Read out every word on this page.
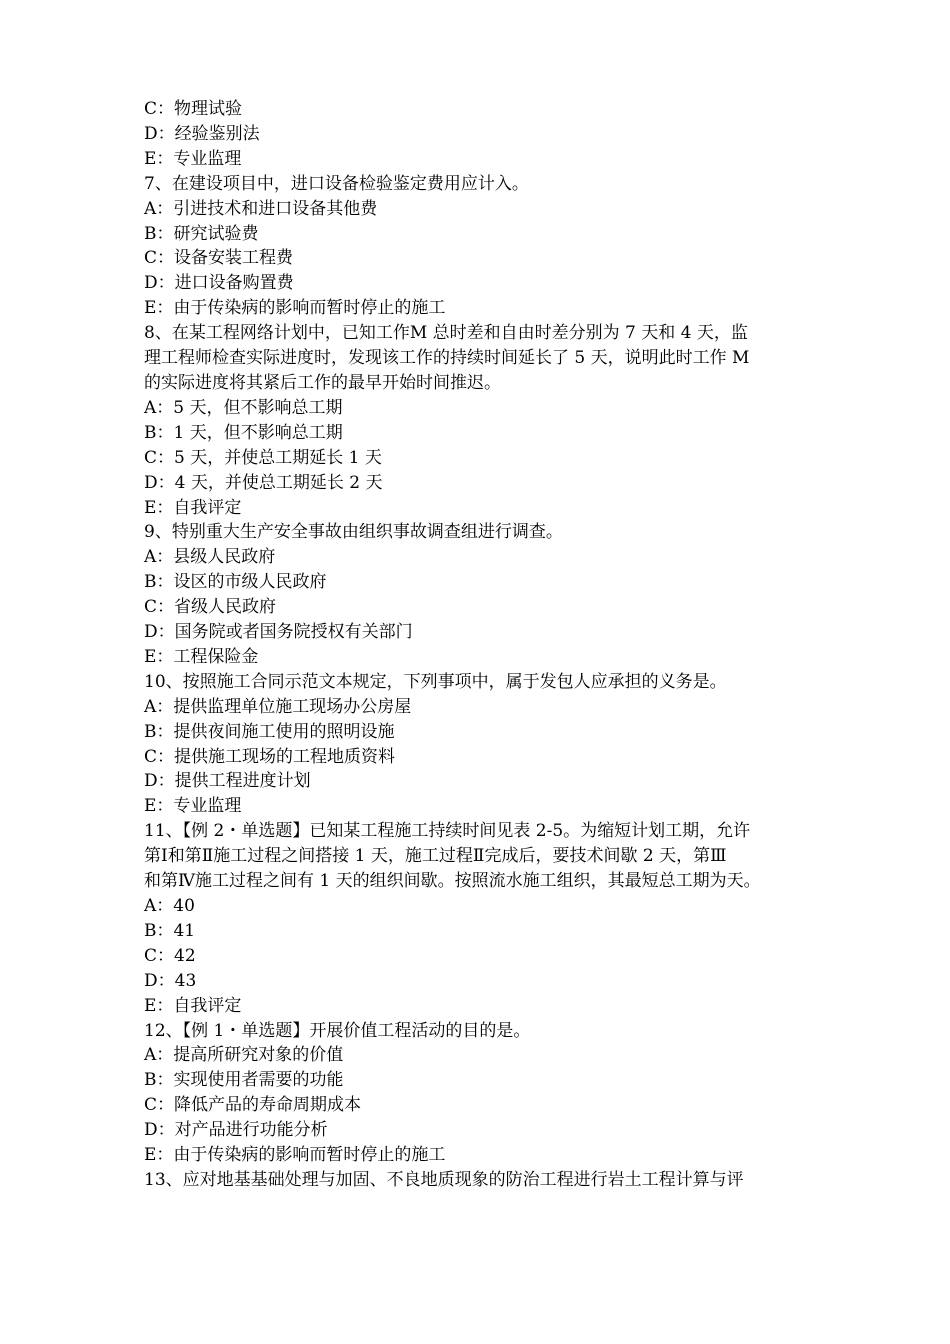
C：物理试验
D：经验鉴别法
E：专业监理
7、在建设项目中，进口设备检验鉴定费用应计入。
A：引进技术和进口设备其他费
B：研究试验费
C：设备安装工程费
D：进口设备购置费
E：由于传染病的影响而暂时停止的施工
8、在某工程网络计划中，已知工作M 总时差和自由时差分别为 7 天和 4 天，监
理工程师检查实际进度时，发现该工作的持续时间延长了 5 天，说明此时工作 M
的实际进度将其紧后工作的最早开始时间推迟。
A：5 天，但不影响总工期
B：1 天，但不影响总工期
C：5 天，并使总工期延长 1 天
D：4 天，并使总工期延长 2 天
E：自我评定
9、特别重大生产安全事故由组织事故调查组进行调查。
A：县级人民政府
B：设区的市级人民政府
C：省级人民政府
D：国务院或者国务院授权有关部门
E：工程保险金
10、按照施工合同示范文本规定，下列事项中，属于发包人应承担的义务是。
A：提供监理单位施工现场办公房屋
B：提供夜间施工使用的照明设施
C：提供施工现场的工程地质资料
D：提供工程进度计划
E：专业监理
11、【例 2・单选题】已知某工程施工持续时间见表 2-5。为缩短计划工期，允许
第Ⅰ和第Ⅱ施工过程之间搭接 1 天，施工过程Ⅱ完成后，要技术间歇 2 天，第Ⅲ
和第Ⅳ施工过程之间有 1 天的组织间歇。按照流水施工组织，其最短总工期为天。
A：40
B：41
C：42
D：43
E：自我评定
12、【例 1・单选题】开展价值工程活动的目的是。
A：提高所研究对象的价值
B：实现使用者需要的功能
C：降低产品的寿命周期成本
D：对产品进行功能分析
E：由于传染病的影响而暂时停止的施工
13、应对地基基础处理与加固、不良地质现象的防治工程进行岩土工程计算与评
